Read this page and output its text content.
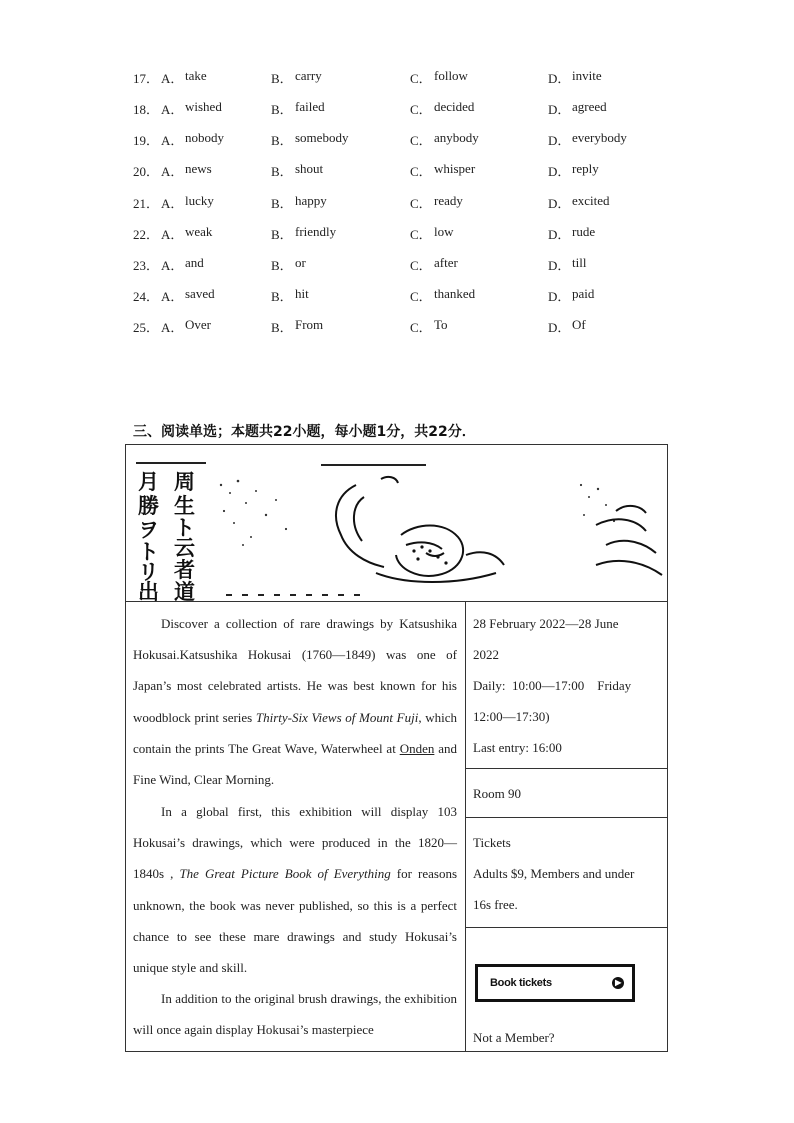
17． A． take	B． carry	C． follow	D． invite
18． A． wished	B． failed	C． decided	D． agreed
19． A． nobody	B． somebody	C． anybody	D． everybody
20． A． news	B． shout	C． whisper	D． reply
21． A． lucky	B． happy	C． ready	D． excited
22． A． weak	B． friendly	C． low	D． rude
23． A． and	B． or	C． after	D． till
24． A． saved	B． hit	C． thanked	D． paid
25． A． Over	B． From	C． To	D． Of
三、阅读单选；本题共22小题，每小题1分，共22分．
月
勝
ヲ
ト
リ
出
周
生
ト
云
者
道

Discover a collection of rare drawings by Katsushika Hokusai.Katsushika Hokusai (1760—1849) was one of Japan’s most celebrated artists. He was best known for his woodblock print series Thirty-Six Views of Mount Fuji, which contain the prints The Great Wave, Waterwheel at Onden and Fine Wind, Clear Morning.

In a global first, this exhibition will display 103 Hokusai’s drawings, which were produced in the 1820—1840s , The Great Picture Book of Everything for reasons unknown, the book was never published, so this is a perfect chance to see these mare drawings and study Hokusai’s unique style and skill.

In addition to the original brush drawings, the exhibition will once again display Hokusai’s masterpiece

28 February 2022—28 June
2022
Daily:  10:00—17:00    Friday
12:00—17:30)
Last entry: 16:00
Room 90
Tickets
Adults $9, Members and under
16s free.
Book tickets	▶
Not a Member?
